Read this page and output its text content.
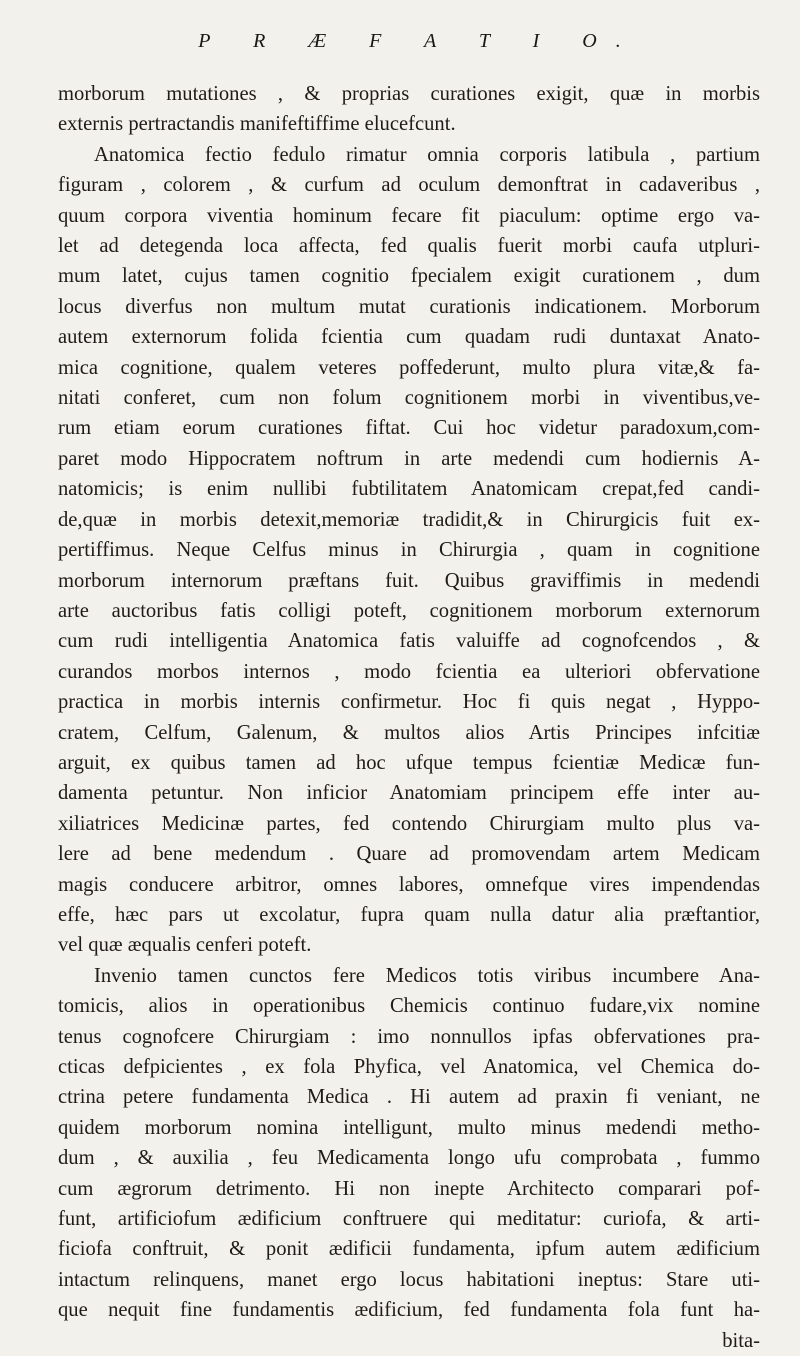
P R Æ F A T I O.
morborum mutationes , & proprias curationes exigit, quæ in morbis
externis pertractandis manifeftiffime elucefcunt.
Anatomica fectio fedulo rimatur omnia corporis latibula , partium
figuram , colorem , & curfum ad oculum demonftrat in cadaveribus ,
quum corpora viventia hominum fecare fit piaculum: optime ergo va-
let ad detegenda loca affecta, fed qualis fuerit morbi caufa utpluri-
mum latet, cujus tamen cognitio fpecialem exigit curationem , dum
locus diverfus non multum mutat curationis indicationem. Morborum
autem externorum folida fcientia cum quadam rudi duntaxat Anato-
mica cognitione, qualem veteres poffederunt, multo plura vitæ,& fa-
nitati conferet, cum non folum cognitionem morbi in viventibus,ve-
rum etiam eorum curationes fiftat. Cui hoc videtur paradoxum,com-
paret modo Hippocratem noftrum in arte medendi cum hodiernis A-
natomicis; is enim nullibi fubtilitatem Anatomicam crepat,fed candi-
de,quæ in morbis detexit,memoriæ tradidit,& in Chirurgicis fuit ex-
pertiffimus. Neque Celfus minus in Chirurgia , quam in cognitione
morborum internorum præftans fuit. Quibus graviffimis in medendi
arte auctoribus fatis colligi poteft, cognitionem morborum externorum
cum rudi intelligentia Anatomica fatis valuiffe ad cognofcendos , &
curandos morbos internos , modo fcientia ea ulteriori obfervatione
practica in morbis internis confirmetur. Hoc fi quis negat , Hyppo-
cratem, Celfum, Galenum, & multos alios Artis Principes infcitiæ
arguit, ex quibus tamen ad hoc ufque tempus fcientiæ Medicæ fun-
damenta petuntur. Non inficior Anatomiam principem effe inter au-
xiliatrices Medicinæ partes, fed contendo Chirurgiam multo plus va-
lere ad bene medendum . Quare ad promovendam artem Medicam
magis conducere arbitror, omnes labores, omnefque vires impendendas
effe, hæc pars ut excolatur, fupra quam nulla datur alia præftantior,
vel quæ æqualis cenferi poteft.
Invenio tamen cunctos fere Medicos totis viribus incumbere Ana-
tomicis, alios in operationibus Chemicis continuo fudare,vix nomine
tenus cognofcere Chirurgiam : imo nonnullos ipfas obfervationes pra-
cticas defpicientes , ex fola Phyfica, vel Anatomica, vel Chemica do-
ctrina petere fundamenta Medica . Hi autem ad praxin fi veniant, ne
quidem morborum nomina intelligunt, multo minus medendi metho-
dum , & auxilia , feu Medicamenta longo ufu comprobata , fummo
cum ægrorum detrimento. Hi non inepte Architecto comparari pof-
funt, artificiofum ædificium conftruere qui meditatur: curiofa, & arti-
ficiofa conftruit, & ponit ædificii fundamenta, ipfum autem ædificium
intactum relinquens, manet ergo locus habitationi ineptus: Stare uti-
que nequit fine fundamentis ædificium, fed fundamenta fola funt ha-
bita-
